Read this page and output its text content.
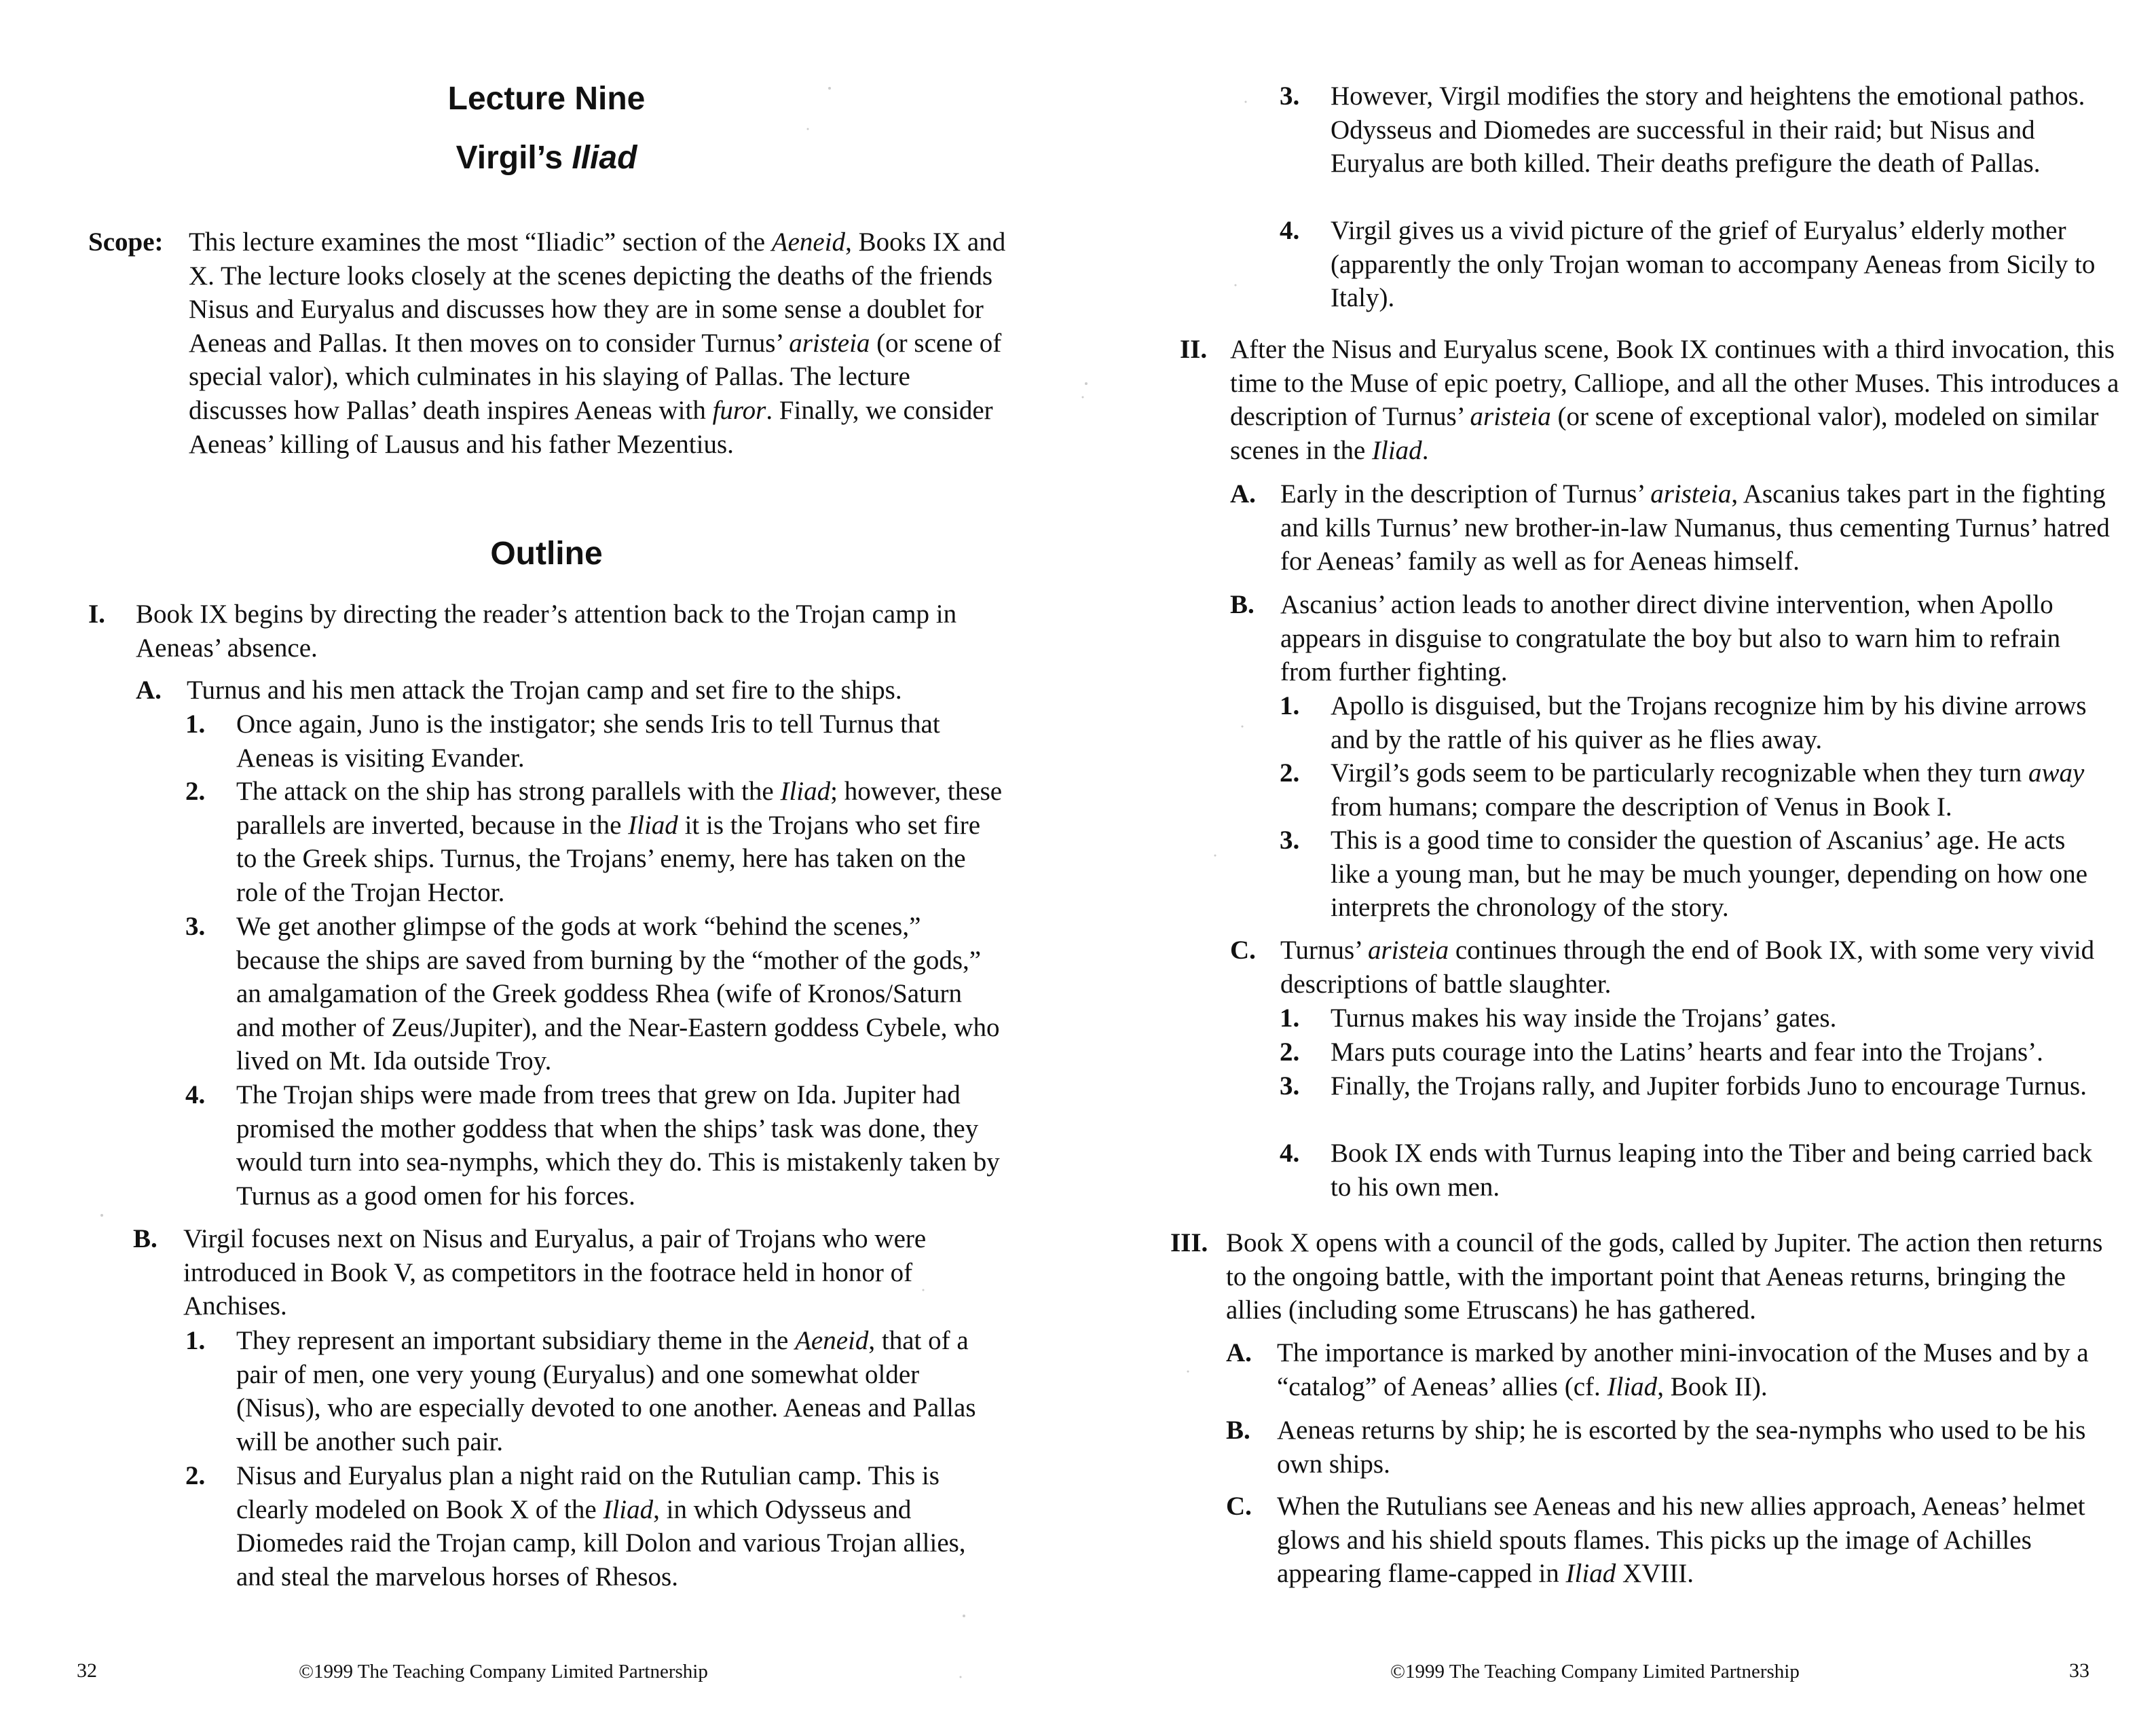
Lecture Nine
Virgil’s Iliad
Scope: This lecture examines the most “Iliadic” section of the Aeneid, Books IX and X. The lecture looks closely at the scenes depicting the deaths of the friends Nisus and Euryalus and discusses how they are in some sense a doublet for Aeneas and Pallas. It then moves on to consider Turnus’ aristeia (or scene of special valor), which culminates in his slaying of Pallas. The lecture discusses how Pallas’ death inspires Aeneas with furor. Finally, we consider Aeneas’ killing of Lausus and his father Mezentius.

Outline
I. Book IX begins by directing the reader’s attention back to the Trojan camp in Aeneas’ absence.

A. Turnus and his men attack the Trojan camp and set fire to the ships.

1. Once again, Juno is the instigator; she sends Iris to tell Turnus that Aeneas is visiting Evander.

2. The attack on the ship has strong parallels with the Iliad; however, these parallels are inverted, because in the Iliad it is the Trojans who set fire to the Greek ships. Turnus, the Trojans’ enemy, here has taken on the role of the Trojan Hector.

3. We get another glimpse of the gods at work “behind the scenes,” because the ships are saved from burning by the “mother of the gods,” an amalgamation of the Greek goddess Rhea (wife of Kronos/Saturn and mother of Zeus/Jupiter), and the Near-Eastern goddess Cybele, who lived on Mt. Ida outside Troy.

4. The Trojan ships were made from trees that grew on Ida. Jupiter had promised the mother goddess that when the ships’ task was done, they would turn into sea-nymphs, which they do. This is mistakenly taken by Turnus as a good omen for his forces.

B. Virgil focuses next on Nisus and Euryalus, a pair of Trojans who were introduced in Book V, as competitors in the footrace held in honor of Anchises.

1. They represent an important subsidiary theme in the Aeneid, that of a pair of men, one very young (Euryalus) and one somewhat older (Nisus), who are especially devoted to one another. Aeneas and Pallas will be another such pair.

2. Nisus and Euryalus plan a night raid on the Rutulian camp. This is clearly modeled on Book X of the Iliad, in which Odysseus and Diomedes raid the Trojan camp, kill Dolon and various Trojan allies, and steal the marvelous horses of Rhesos.

32	©1999 The Teaching Company Limited Partnership
3. However, Virgil modifies the story and heightens the emotional pathos. Odysseus and Diomedes are successful in their raid; but Nisus and Euryalus are both killed. Their deaths prefigure the death of Pallas.

4. Virgil gives us a vivid picture of the grief of Euryalus’ elderly mother (apparently the only Trojan woman to accompany Aeneas from Sicily to Italy).

II. After the Nisus and Euryalus scene, Book IX continues with a third invocation, this time to the Muse of epic poetry, Calliope, and all the other Muses. This introduces a description of Turnus’ aristeia (or scene of exceptional valor), modeled on similar scenes in the Iliad.

A. Early in the description of Turnus’ aristeia, Ascanius takes part in the fighting and kills Turnus’ new brother-in-law Numanus, thus cementing Turnus’ hatred for Aeneas’ family as well as for Aeneas himself.

B. Ascanius’ action leads to another direct divine intervention, when Apollo appears in disguise to congratulate the boy but also to warn him to refrain from further fighting.

1. Apollo is disguised, but the Trojans recognize him by his divine arrows and by the rattle of his quiver as he flies away.

2. Virgil’s gods seem to be particularly recognizable when they turn away from humans; compare the description of Venus in Book I.

3. This is a good time to consider the question of Ascanius’ age. He acts like a young man, but he may be much younger, depending on how one interprets the chronology of the story.

C. Turnus’ aristeia continues through the end of Book IX, with some very vivid descriptions of battle slaughter.

1. Turnus makes his way inside the Trojans’ gates.

2. Mars puts courage into the Latins’ hearts and fear into the Trojans’.

3. Finally, the Trojans rally, and Jupiter forbids Juno to encourage Turnus.

4. Book IX ends with Turnus leaping into the Tiber and being carried back to his own men.

III. Book X opens with a council of the gods, called by Jupiter. The action then returns to the ongoing battle, with the important point that Aeneas returns, bringing the allies (including some Etruscans) he has gathered.

A. The importance is marked by another mini-invocation of the Muses and by a “catalog” of Aeneas’ allies (cf. Iliad, Book II).

B. Aeneas returns by ship; he is escorted by the sea-nymphs who used to be his own ships.

C. When the Rutulians see Aeneas and his new allies approach, Aeneas’ helmet glows and his shield spouts flames. This picks up the image of Achilles appearing flame-capped in Iliad XVIII.

©1999 The Teaching Company Limited Partnership	33
